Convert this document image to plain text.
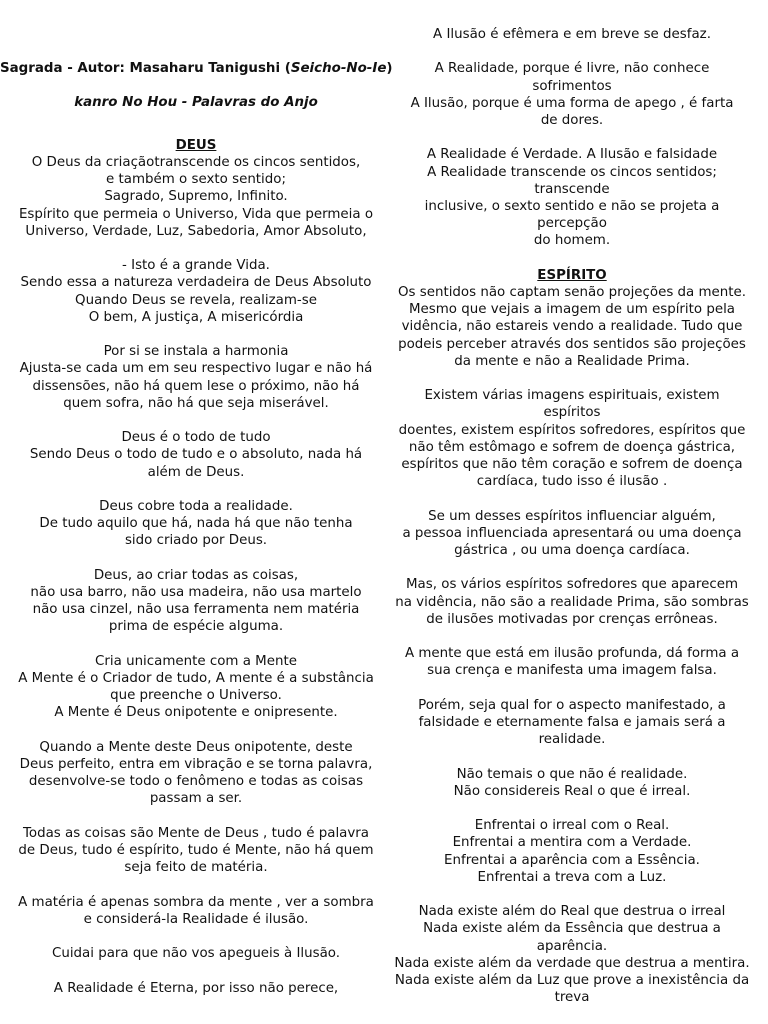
Sagrada - Autor: Masaharu Tanigushi (Seicho-No-Ie)
kanro No Hou - Palavras do Anjo
DEUS
O Deus da criaçãotranscende os cincos sentidos,
e também o sexto sentido;
Sagrado, Supremo, Infinito.
Espírito que permeia o Universo, Vida que permeia o
Universo, Verdade, Luz, Sabedoria, Amor Absoluto,
- Isto é a grande Vida.
Sendo essa a natureza verdadeira de Deus Absoluto
Quando Deus se revela, realizam-se
O bem, A justiça, A misericórdia
Por si se instala a harmonia
Ajusta-se cada um em seu respectivo lugar e não há
dissensões, não há quem lese o próximo, não há
quem sofra, não há que seja miserável.
Deus é o todo de tudo
Sendo Deus o todo de tudo e o absoluto, nada há
além de Deus.
Deus cobre toda a realidade.
De tudo aquilo que há, nada há que não tenha
sido criado por Deus.
Deus, ao criar todas as coisas,
não usa barro, não usa madeira, não usa martelo
não usa cinzel, não usa ferramenta nem matéria
prima de espécie alguma.
Cria unicamente com a Mente
A Mente é o Criador de tudo, A mente é a substância
que preenche o Universo.
A Mente é Deus onipotente e onipresente.
Quando a Mente deste Deus onipotente, deste
Deus perfeito, entra em vibração e se torna palavra,
desenvolve-se todo o fenômeno e todas as coisas
passam a ser.
Todas as coisas são Mente de Deus , tudo é palavra
de Deus, tudo é espírito, tudo é Mente, não há quem
seja feito de matéria.
A matéria é apenas sombra da mente , ver a sombra
e considerá-la Realidade é ilusão.
Cuidai para que não vos apegueis à Ilusão.
A Realidade é Eterna, por isso não perece,
A Ilusão é efêmera e em breve se desfaz.
A Realidade, porque é livre, não conhece
sofrimentos
A Ilusão, porque é uma forma de apego , é farta
de dores.
A Realidade é Verdade. A Ilusão e falsidade
A Realidade transcende os cincos sentidos;
transcende
inclusive, o sexto sentido e não se projeta a
percepção
do homem.
ESPÍRITO
Os sentidos não captam senão projeções da mente.
Mesmo que vejais a imagem de um espírito pela
vidência, não estareis vendo a realidade. Tudo que
podeis perceber através dos sentidos são projeções
da mente e não a Realidade Prima.
Existem várias imagens espirituais, existem
espíritos
doentes, existem espíritos sofredores, espíritos que
não têm estômago e sofrem de doença gástrica,
espíritos que não têm coração e sofrem de doença
cardíaca, tudo isso é ilusão .
Se um desses espíritos influenciar alguém,
a pessoa influenciada apresentará ou uma doença
gástrica , ou uma doença cardíaca.
Mas, os vários espíritos sofredores que aparecem
na vidência, não são a realidade Prima, são sombras
de ilusões motivadas por crenças errôneas.
A mente que está em ilusão profunda, dá forma a
sua crença e manifesta uma imagem falsa.
Porém, seja qual for o aspecto manifestado, a
falsidade e eternamente falsa e jamais será a
realidade.
Não temais o que não é realidade.
Não considereis Real o que é irreal.
Enfrentai o irreal com o Real.
Enfrentai a mentira com a Verdade.
Enfrentai a aparência com a Essência.
Enfrentai a treva com a Luz.
Nada existe além do Real que destrua o irreal
Nada existe além da Essência que destrua a
aparência.
Nada existe além da verdade que destrua a mentira.
Nada existe além da Luz que prove a inexistência da
treva
